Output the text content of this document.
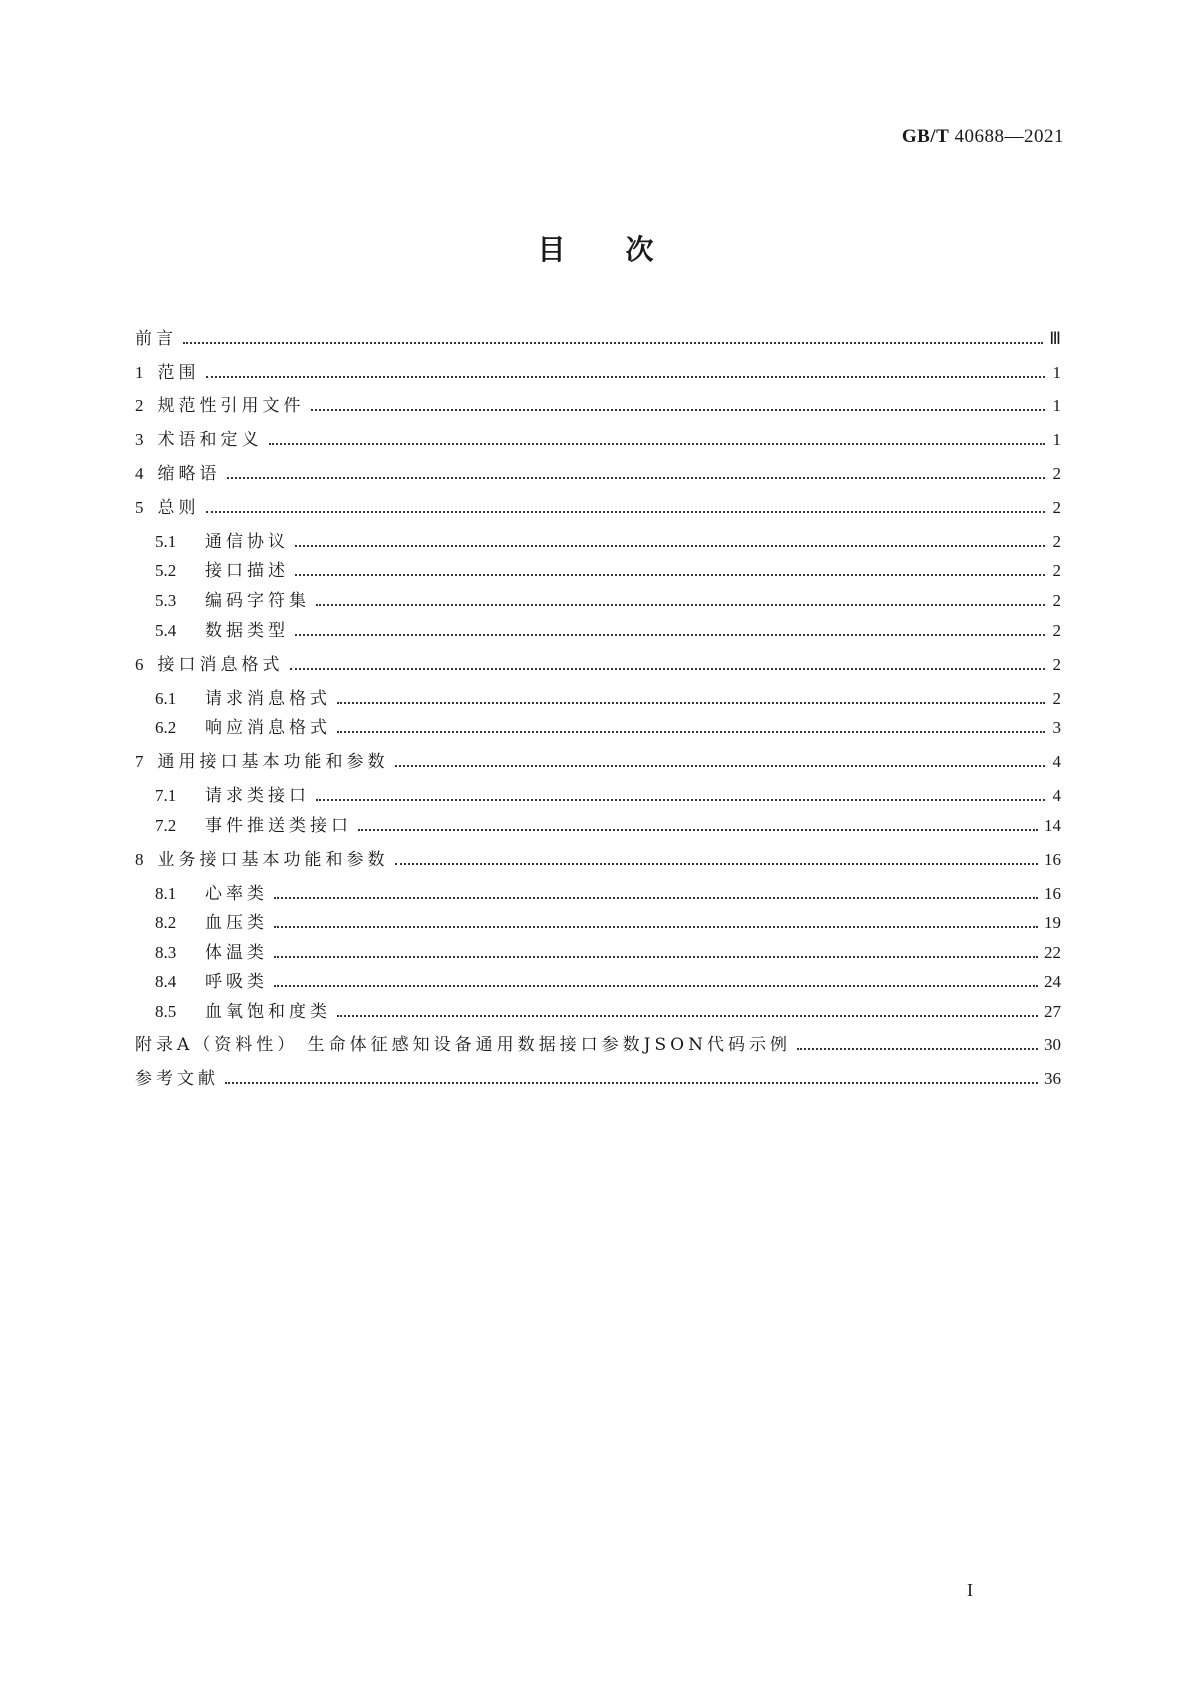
GB/T 40688—2021
目次
前言	Ⅲ
1 范围	1
2 规范性引用文件	1
3 术语和定义	1
4 缩略语	2
5 总则	2
5.1	通信协议	2
5.2	接口描述	2
5.3	编码字符集	2
5.4	数据类型	2
6 接口消息格式	2
6.1	请求消息格式	2
6.2	响应消息格式	3
7 通用接口基本功能和参数	4
7.1	请求类接口	4
7.2	事件推送类接口	14
8 业务接口基本功能和参数	16
8.1	心率类	16
8.2	血压类	19
8.3	体温类	22
8.4	呼吸类	24
8.5	血氧饱和度类	27
附录A（资料性） 生命体征感知设备通用数据接口参数JSON代码示例	30
参考文献	36
I
